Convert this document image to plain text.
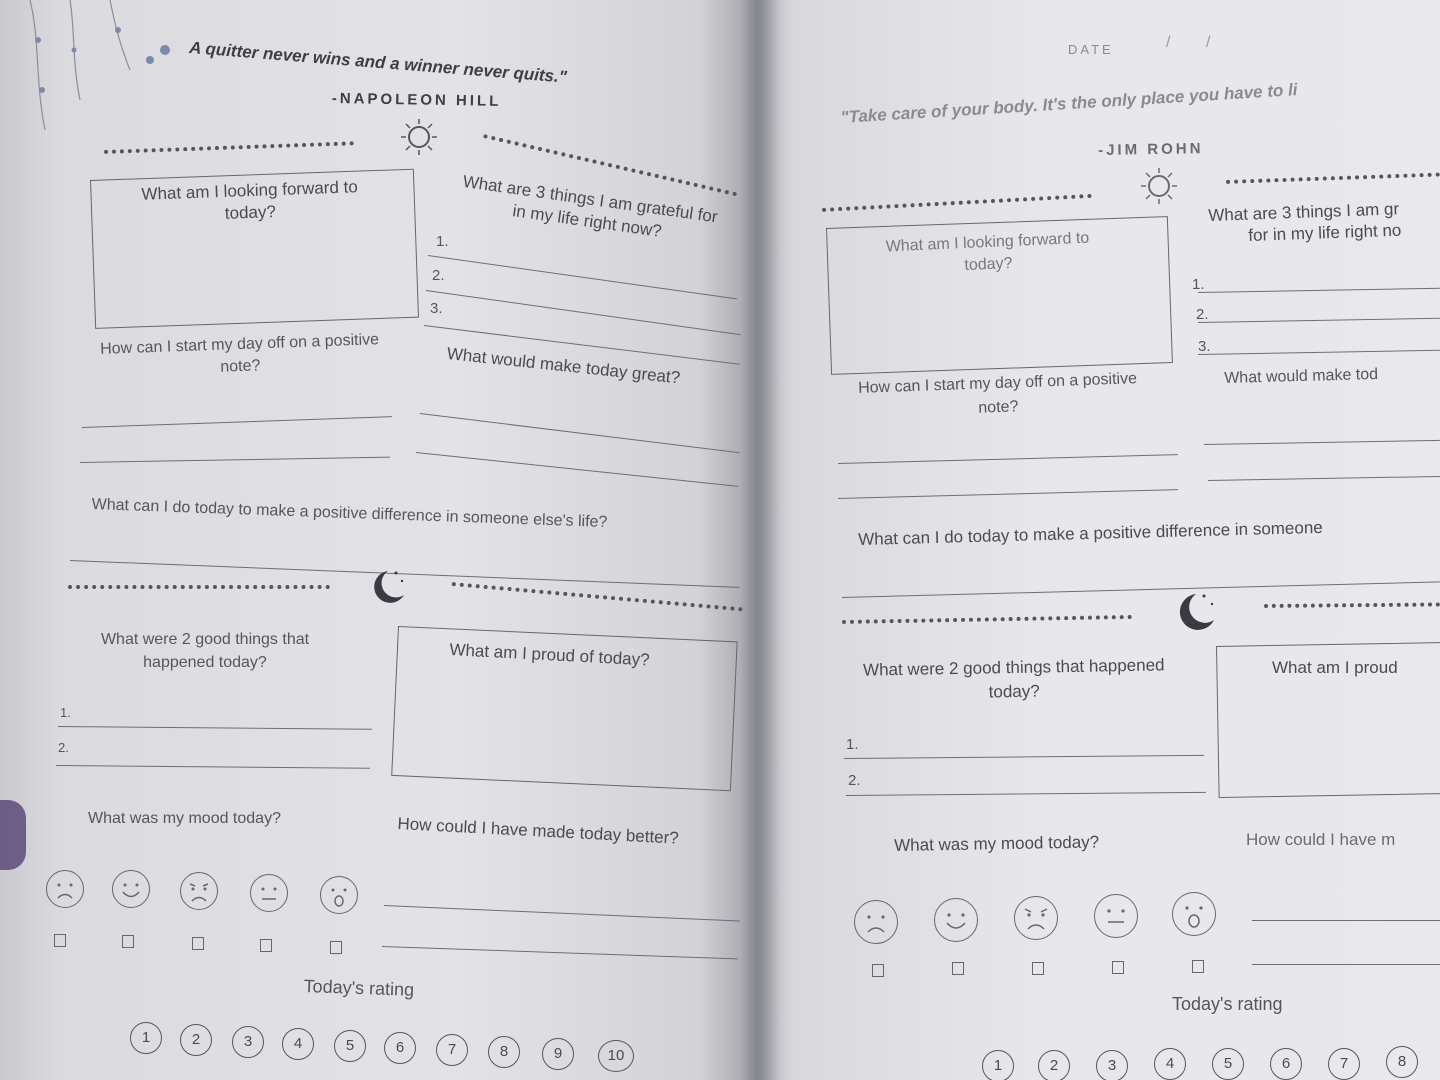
A quitter never wins and a winner never quits."
-NAPOLEON HILL
What am I looking forward to today?	What are 3 things I am grateful for in my life right now?
1.
2.
3.
How can I start my day off on a positive note?	What would make today great?
What can I do today to make a positive difference in someone else's life?
What were 2 good things that happened today?
1.
2.
What am I proud of today?
What was my mood today?	How could I have made today better?
Today's rating
1	2	3	4	5	6	7	8	9	10
DATE	/        /
"Take care of your body. It's the only place you have to li
-JIM ROHN
What am I looking forward to today?
What are 3 things I am gr
for in my life right no
1.
2.
3.
How can I start my day off on a positive note?
What would make tod
What can I do today to make a positive difference in someone
What were 2 good things that happened today?
1.
2.
What am I proud
What was my mood today?	How could I have m
Today's rating
1	2	3	4	5	6	7	8
